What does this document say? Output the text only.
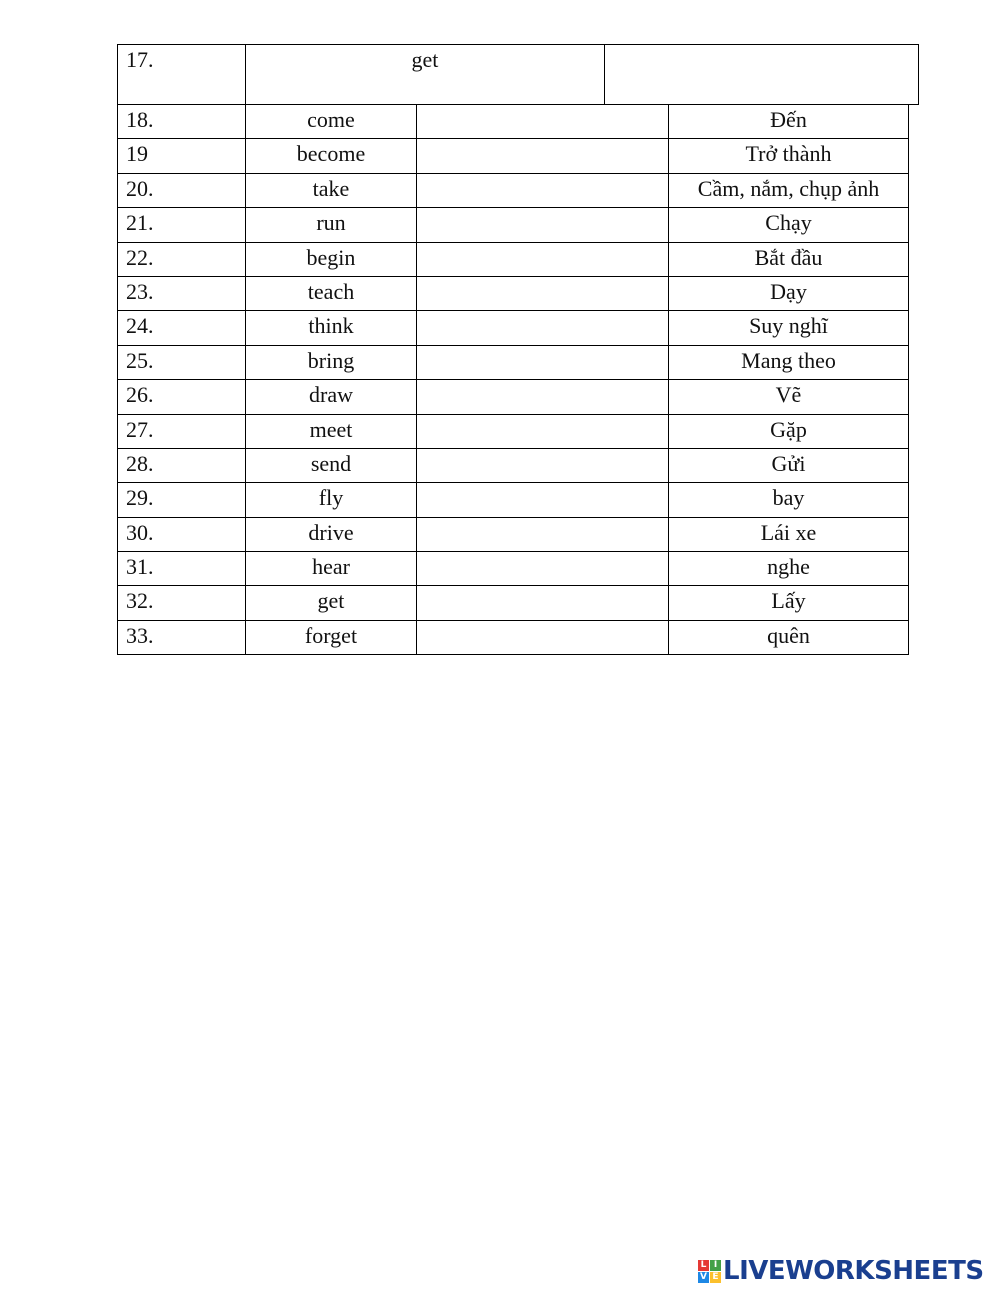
17.	get	
18.	come		Đến
19	become		Trở thành
20.	take		Cầm, nắm, chụp ảnh
21.	run		Chạy
22.	begin		Bắt đầu
23.	teach		Dạy
24.	think		Suy nghĩ
25.	bring		Mang theo
26.	draw		Vẽ
27.	meet		Gặp
28.	send		Gửi
29.	fly		bay
30.	drive		Lái xe
31.	hear		nghe
32.	get		Lấy
33.	forget		quên
L I
V E LIVEWORKSHEETS
